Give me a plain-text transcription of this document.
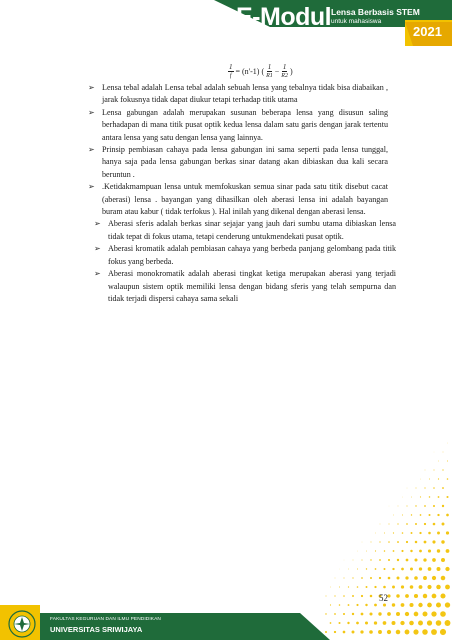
E-Modul Lensa Berbasis STEM
untuk mahasiswa
2021
$\frac{1}{f} = (n'-1)$ ( $\frac{1}{R1} - \frac{1}{R2}$ )
➢ Lensa tebal adalah Lensa tebal adalah sebuah lensa yang tebalnya tidak bisa diabaikan , jarak fokusnya tidak dapat diukur tetapi terhadap titik utama
➢ Lensa gabungan adalah merupakan susunan beberapa lensa yang disusun saling berhadapan di mana titik pusat optik kedua lensa dalam satu garis dengan jarak tertentu antara lensa yang satu dengan lensa yang lainnya.
➢ Prinsip pembiasan cahaya pada lensa gabungan ini sama seperti pada lensa tunggal, hanya saja pada lensa gabungan berkas sinar datang akan dibiaskan dua kali secara beruntun .
➢ .Ketidakmampuan lensa untuk memfokuskan semua sinar pada satu titik disebut cacat (aberasi) lensa . bayangan yang dihasilkan oleh aberasi lensa ini adalah bayangan buram atau kabur ( tidak terfokus ). Hal inilah yang dikenal dengan aberasi lensa.
➢ Aberasi sferis adalah berkas sinar sejajar yang jauh dari sumbu utama dibiaskan lensa tidak tepat di fokus utama, tetapi cenderung untukmendekati pusat optik.
➢ Aberasi kromatik adalah pembiasan cahaya yang berbeda panjang gelombang pada titik fokus yang berbeda.
➢ Aberasi monokromatik adalah aberasi tingkat ketiga merupakan aberasi yang terjadi walaupun sistem optik memiliki lensa dengan bidang sferis yang telah sempurna dan tidak terjadi dispersi cahaya sama sekali
52
FAKULTAS KEGURUAN DAN ILMU PENDIDIKAN
UNIVERSITAS SRIWIJAYA
